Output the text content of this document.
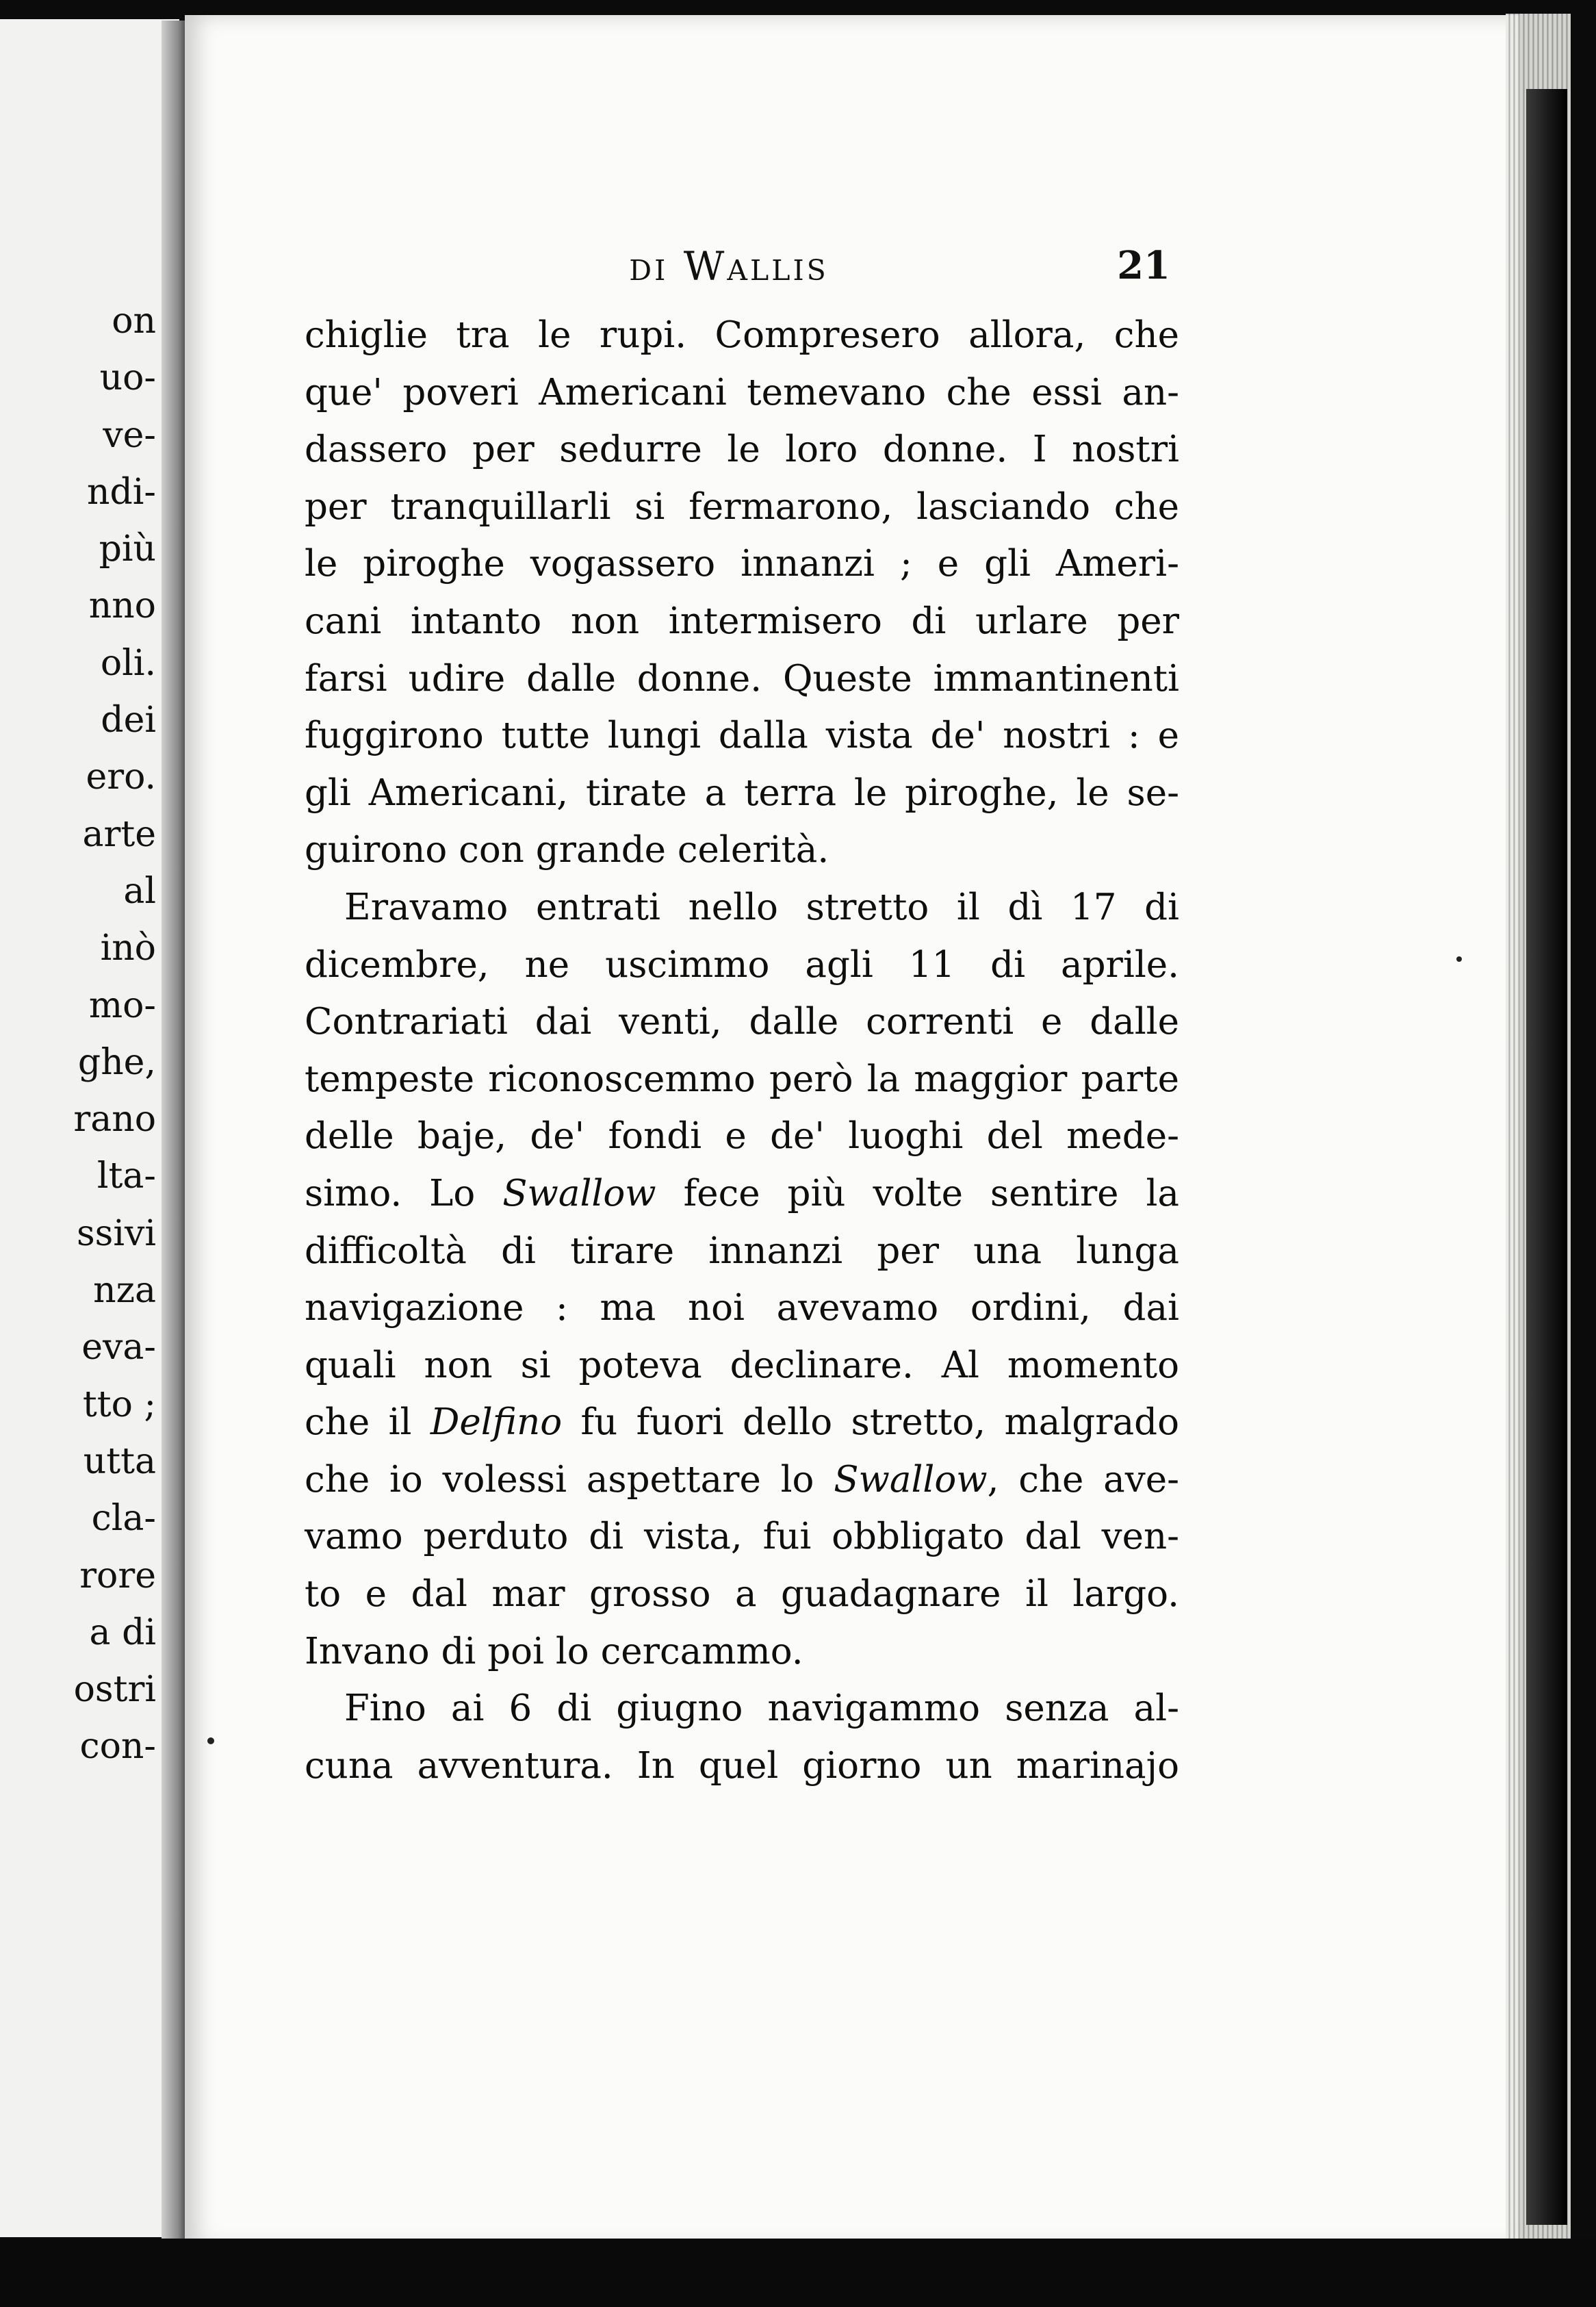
on
uo-
ve-
ndi-
più
nno
oli.
dei
ero.
arte
al
inò
mo-
ghe,
rano
lta-
ssivi
nza
eva-
tto ;
utta
cla-
rore
a di
ostri
con-
di Wallis	21
chiglie tra le rupi. Compresero allora, che
que' poveri Americani temevano che essi an-
dassero per sedurre le loro donne. I nostri
per tranquillarli si fermarono, lasciando che
le piroghe vogassero innanzi ; e gli Ameri-
cani intanto non intermisero di urlare per
farsi udire dalle donne. Queste immantinenti
fuggirono tutte lungi dalla vista de' nostri : e
gli Americani, tirate a terra le piroghe, le se-
guirono con grande celerità.
Eravamo entrati nello stretto il dì 17 di
dicembre, ne uscimmo agli 11 di aprile.
Contrariati dai venti, dalle correnti e dalle
tempeste riconoscemmo però la maggior parte
delle baje, de' fondi e de' luoghi del mede-
simo. Lo Swallow fece più volte sentire la
difficoltà di tirare innanzi per una lunga
navigazione : ma noi avevamo ordini, dai
quali non si poteva declinare. Al momento
che il Delfino fu fuori dello stretto, malgrado
che io volessi aspettare lo Swallow, che ave-
vamo perduto di vista, fui obbligato dal ven-
to e dal mar grosso a guadagnare il largo.
Invano di poi lo cercammo.
Fino ai 6 di giugno navigammo senza al-
cuna avventura. In quel giorno un marinajo
